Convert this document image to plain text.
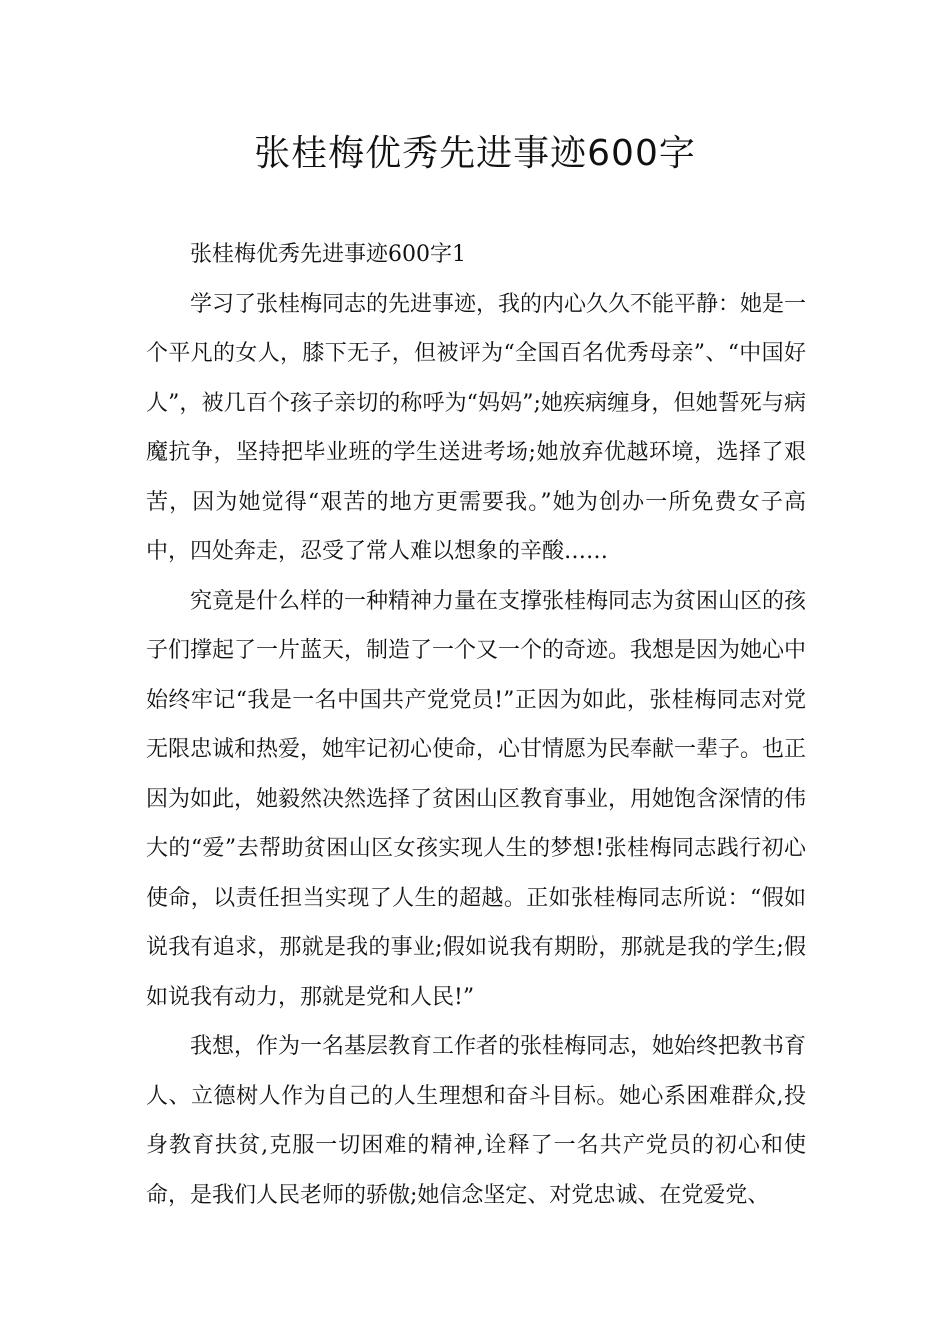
张桂梅优秀先进事迹600字

张桂梅优秀先进事迹600字1

学习了张桂梅同志的先进事迹，我的内心久久不能平静：她是一个平凡的女人，膝下无子，但被评为“全国百名优秀母亲”、“中国好人”，被几百个孩子亲切的称呼为“妈妈”;她疾病缠身，但她誓死与病魔抗争，坚持把毕业班的学生送进考场;她放弃优越环境，选择了艰苦，因为她觉得“艰苦的地方更需要我。”她为创办一所免费女子高中，四处奔走，忍受了常人难以想象的辛酸……

究竟是什么样的一种精神力量在支撑张桂梅同志为贫困山区的孩子们撑起了一片蓝天，制造了一个又一个的奇迹。我想是因为她心中始终牢记“我是一名中国共产党党员!”正因为如此，张桂梅同志对党无限忠诚和热爱，她牢记初心使命，心甘情愿为民奉献一辈子。也正因为如此，她毅然决然选择了贫困山区教育事业，用她饱含深情的伟大的“爱”去帮助贫困山区女孩实现人生的梦想!张桂梅同志践行初心使命，以责任担当实现了人生的超越。正如张桂梅同志所说：“假如说我有追求，那就是我的事业;假如说我有期盼，那就是我的学生;假如说我有动力，那就是党和人民!”

我想，作为一名基层教育工作者的张桂梅同志，她始终把教书育人、立德树人作为自己的人生理想和奋斗目标。她心系困难群众,投身教育扶贫,克服一切困难的精神,诠释了一名共产党员的初心和使命，是我们人民老师的骄傲;她信念坚定、对党忠诚、在党爱党、
